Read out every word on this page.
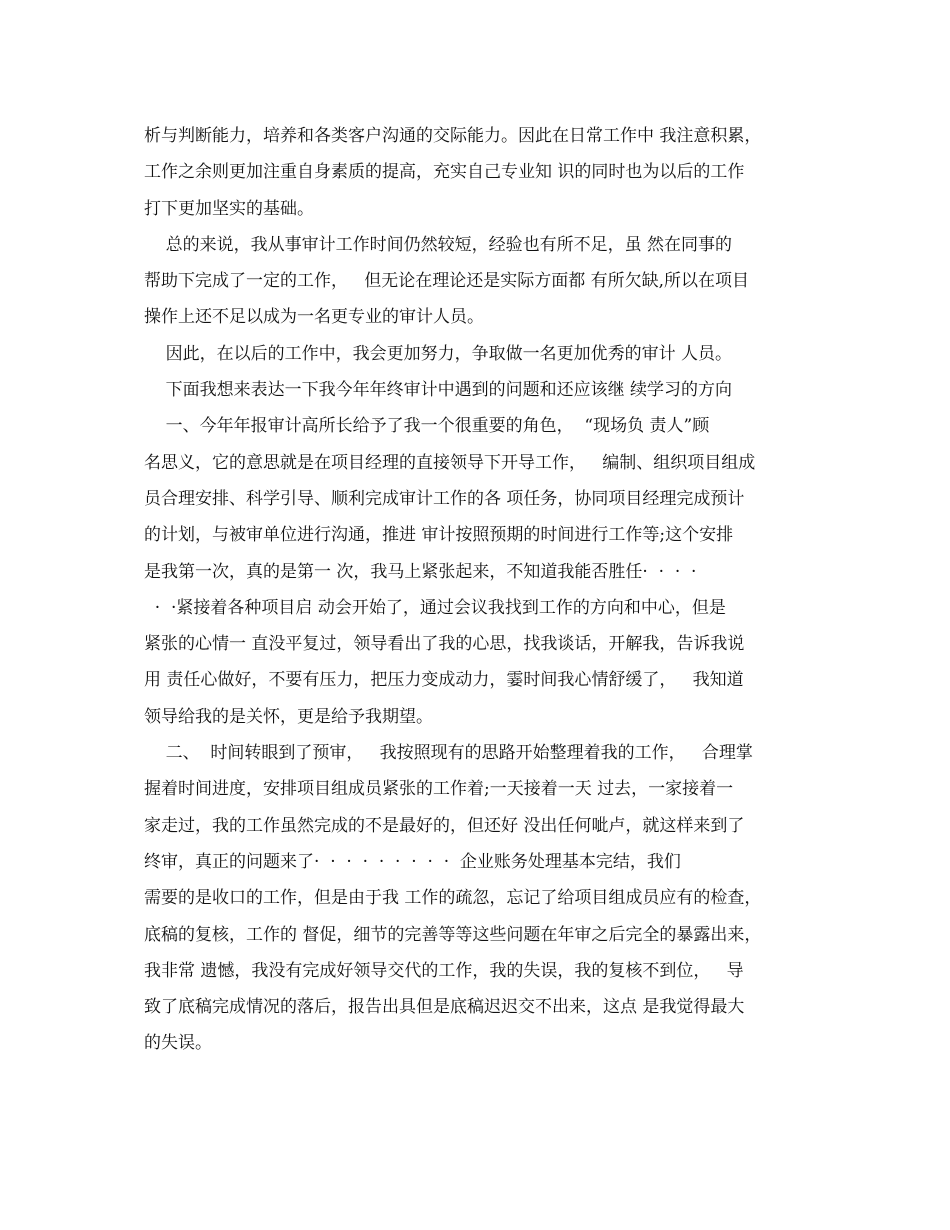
析与判断能力，培养和各类客户沟通的交际能力。因此在日常工作中 我注意积累，
工作之余则更加注重自身素质的提高，充实自己专业知 识的同时也为以后的工作
打下更加坚实的基础。
总的来说，我从事审计工作时间仍然较短，经验也有所不足，虽 然在同事的
帮助下完成了一定的工作，   但无论在理论还是实际方面都 有所欠缺,所以在项目
操作上还不足以成为一名更专业的审计人员。
因此，在以后的工作中，我会更加努力，争取做一名更加优秀的审计 人员。
下面我想来表达一下我今年年终审计中遇到的问题和还应该继 续学习的方向
一、今年年报审计高所长给予了我一个很重要的角色，  “现场负 责人”顾
名思义，它的意思就是在项目经理的直接领导下开导工作，   编制、组织项目组成
员合理安排、科学引导、顺利完成审计工作的各 项任务，协同项目经理完成预计
的计划，与被审单位进行沟通，推进 审计按照预期的时间进行工作等;这个安排
是我第一次，真的是第一 次，我马上紧张起来，不知道我能否胜任·  ·  ·  ·
·  ·紧接着各种项目启 动会开始了，通过会议我找到工作的方向和中心，但是
紧张的心情一 直没平复过，领导看出了我的心思，找我谈话，开解我，告诉我说
用 责任心做好，不要有压力，把压力变成动力，霎时间我心情舒缓了，   我知道
领导给我的是关怀，更是给予我期望。
二、  时间转眼到了预审，   我按照现有的思路开始整理着我的工作，   合理掌
握着时间进度，安排项目组成员紧张的工作着;一天接着一天 过去，一家接着一
家走过，我的工作虽然完成的不是最好的，但还好 没出任何呲卢，就这样来到了
终审，真正的问题来了·  ·  ·  ·  ·  ·  ·  ·  ·  企业账务处理基本完结，我们
需要的是收口的工作，但是由于我 工作的疏忽，忘记了给项目组成员应有的检查，
底稿的复核，工作的 督促，细节的完善等等这些问题在年审之后完全的暴露出来，
我非常 遗憾，我没有完成好领导交代的工作，我的失误，我的复核不到位，   导
致了底稿完成情况的落后，报告出具但是底稿迟迟交不出来，这点 是我觉得最大
的失误。
